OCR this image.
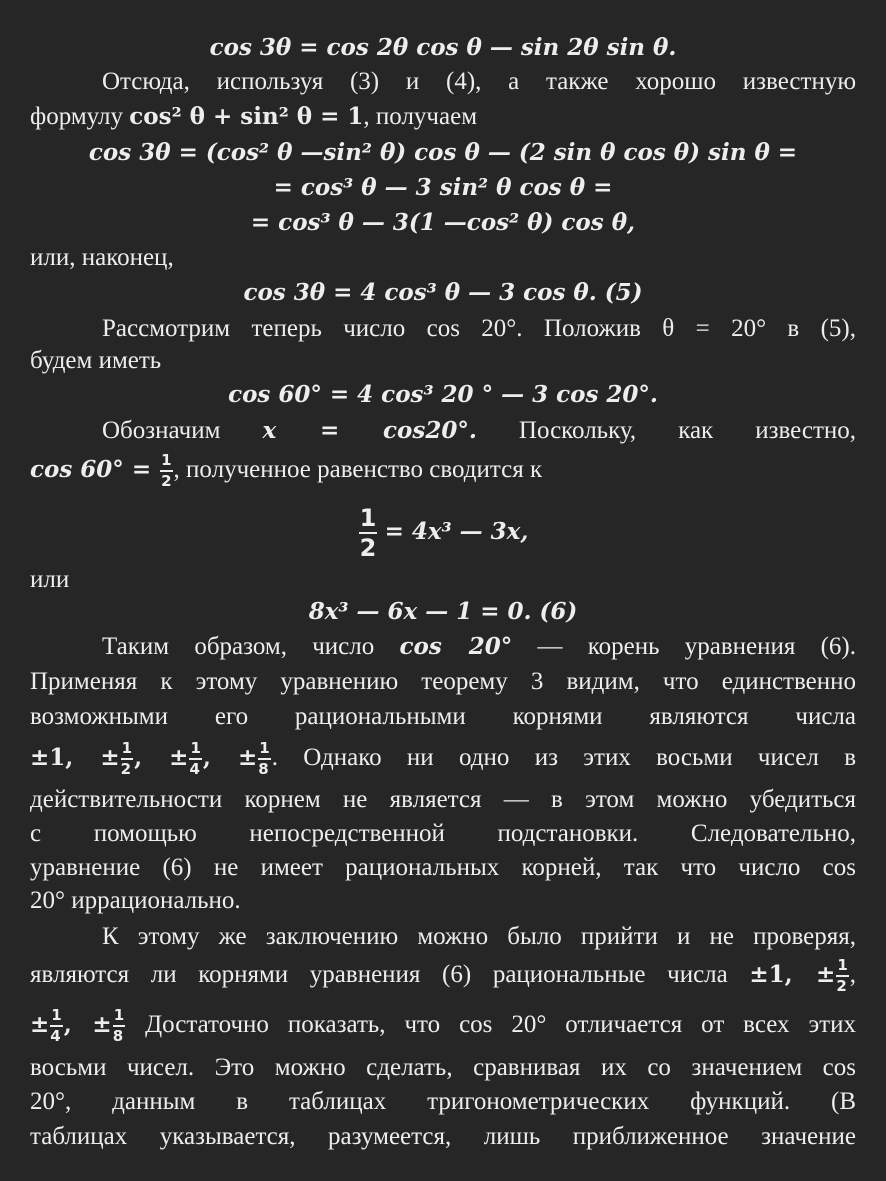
cos 3θ = cos 2θ cos θ — sin 2θ sin θ.
Отсюда, используя (3) и (4), а также хорошо известную
формулу cos² θ + sin² θ = 1, получаем
cos 3θ = (cos² θ —sin² θ) cos θ — (2 sin θ cos θ) sin θ =
= cos³ θ — 3 sin² θ cos θ =
= cos³ θ — 3(1 —cos² θ) cos θ,
или, наконец,
cos 3θ = 4 cos³ θ — 3 cos θ. (5)
Рассмотрим теперь число cos 20°. Положив θ = 20° в (5),
будем иметь
cos 60° = 4 cos³ 20 ° — 3 cos 20°.
Обозначим x = cos20°. Поскольку, как известно,
$\cos 60^\circ = \frac{1}{2}$ , полученное равенство сводится к
$\frac{1}{2} = 4x^3$ — 3x,
или
8x³ — 6x — 1 = 0. (6)
Таким образом, число cos 20° — корень уравнения (6).
Применяя к этому уравнению теорему 3 видим, что единственно
возможными его рациональными корнями являются числа
±1, ± $\frac{1}{2}$ , ± $\frac{1}{4}$ , ± $\frac{1}{8}$ . Однако ни одно из этих восьми чисел в
действительности корнем не является — в этом можно убедиться
с помощью непосредственной подстановки. Следовательно,
уравнение (6) не имеет рациональных корней, так что число cos
20° иррационально.
К этому же заключению можно было прийти и не проверяя,
являются ли корнями уравнения (6) рациональные числа ±1, ± $\frac{1}{2}$ ,
± $\frac{1}{4}$ , ± $\frac{1}{8}$ Достаточно показать, что cos 20° отличается от всех этих
восьми чисел. Это можно сделать, сравнивая их со значением cos
20°, данным в таблицах тригонометрических функций. (В
таблицах указывается, разумеется, лишь приближенное значение
